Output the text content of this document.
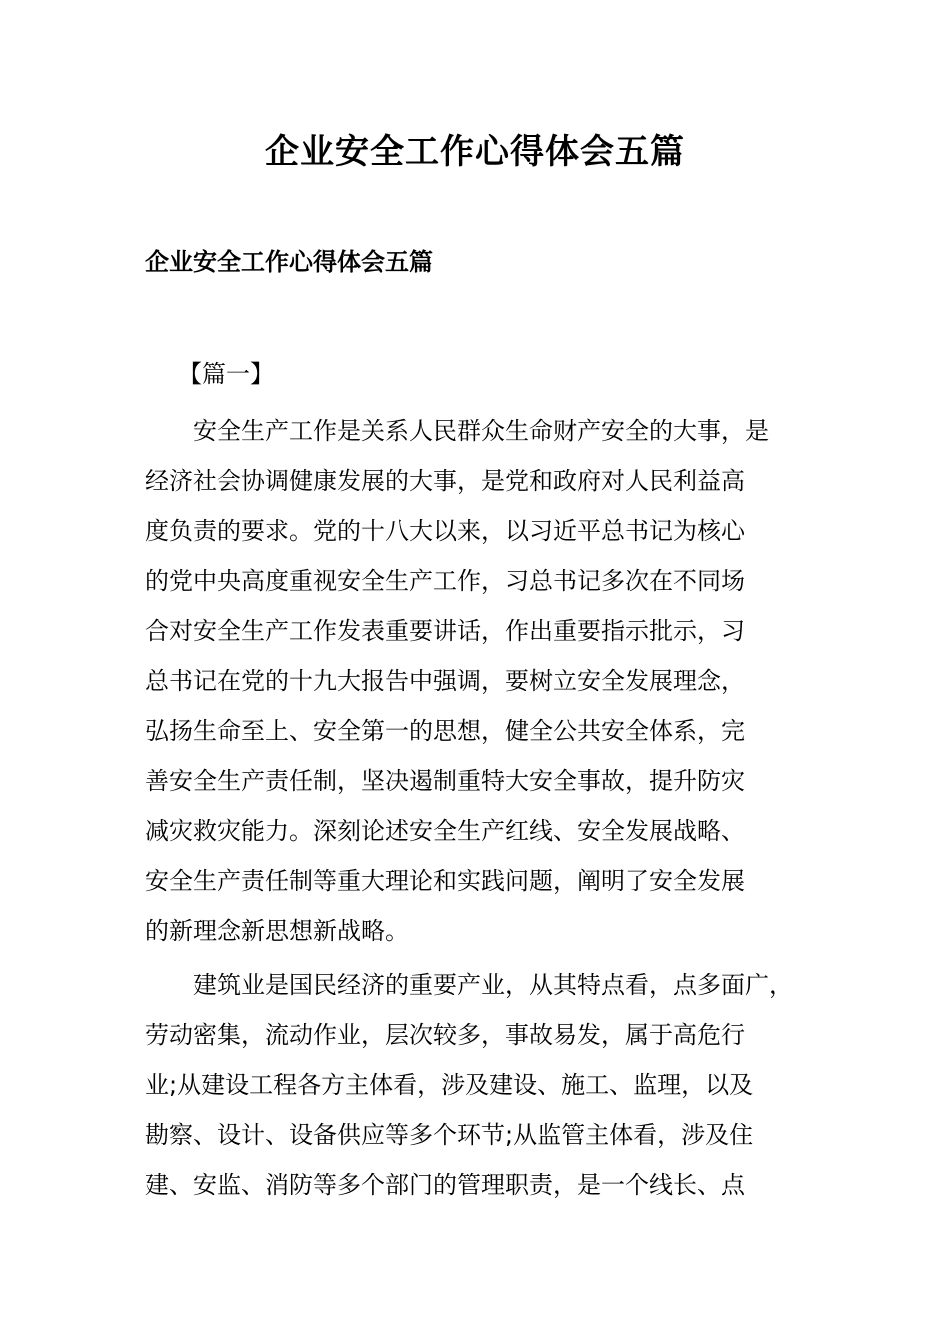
企业安全工作心得体会五篇
企业安全工作心得体会五篇
【篇一】
　　安全生产工作是关系人民群众生命财产安全的大事，是
经济社会协调健康发展的大事，是党和政府对人民利益高
度负责的要求。党的十八大以来，以习近平总书记为核心
的党中央高度重视安全生产工作，习总书记多次在不同场
合对安全生产工作发表重要讲话，作出重要指示批示，习
总书记在党的十九大报告中强调，要树立安全发展理念，
弘扬生命至上、安全第一的思想，健全公共安全体系，完
善安全生产责任制，坚决遏制重特大安全事故，提升防灾
减灾救灾能力。深刻论述安全生产红线、安全发展战略、
安全生产责任制等重大理论和实践问题，阐明了安全发展
的新理念新思想新战略。
　　建筑业是国民经济的重要产业，从其特点看，点多面广，
劳动密集，流动作业，层次较多，事故易发，属于高危行
业;从建设工程各方主体看，涉及建设、施工、监理，以及
勘察、设计、设备供应等多个环节;从监管主体看，涉及住
建、安监、消防等多个部门的管理职责，是一个线长、点
